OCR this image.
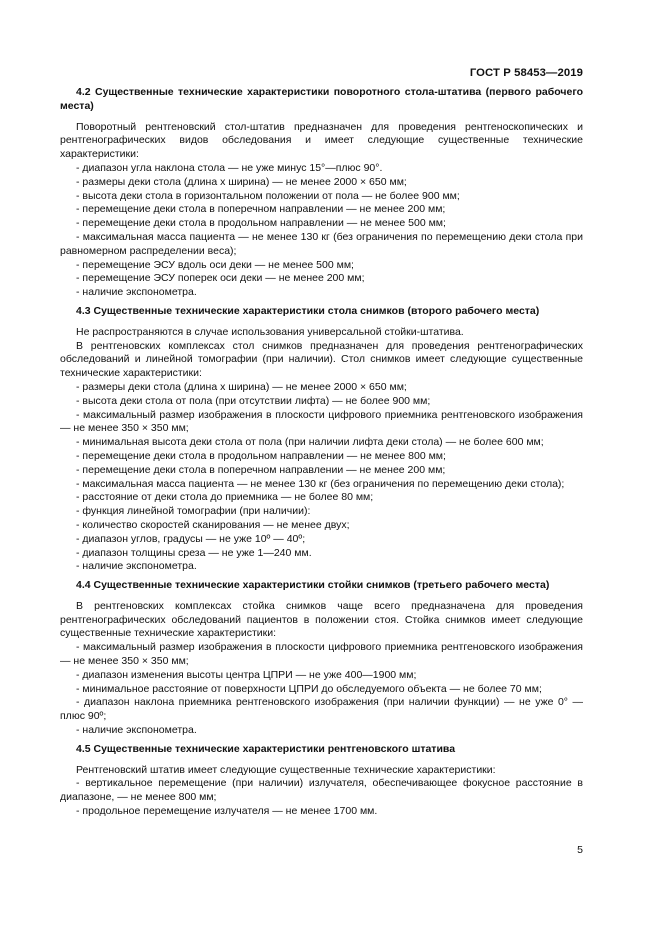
ГОСТ Р 58453—2019

4.2 Существенные технические характеристики поворотного стола-штатива (первого рабочего места)

Поворотный рентгеновский стол-штатив предназначен для проведения рентгеноскопических и рентгенографических видов обследования и имеет следующие существенные технические характеристики:

- диапазон угла наклона стола — не уже минус 15°—плюс 90°.

- размеры деки стола (длина х ширина) — не менее 2000 × 650 мм;

- высота деки стола в горизонтальном положении от пола — не более 900 мм;

- перемещение деки стола в поперечном направлении — не менее 200 мм;

- перемещение деки стола в продольном направлении — не менее 500 мм;

- максимальная масса пациента — не менее 130 кг (без ограничения по перемещению деки стола при равномерном распределении веса);

- перемещение ЭСУ вдоль оси деки — не менее 500 мм;

- перемещение ЭСУ поперек оси деки — не менее 200 мм;

- наличие экспонометра.

4.3 Существенные технические характеристики стола снимков (второго рабочего места)

Не распространяются в случае использования универсальной стойки-штатива.

В рентгеновских комплексах стол снимков предназначен для проведения рентгенографических обследований и линейной томографии (при наличии). Стол снимков имеет следующие существенные технические характеристики:

- размеры деки стола (длина х ширина) — не менее 2000 × 650 мм;

- высота деки стола от пола (при отсутствии лифта) — не более 900 мм;

- максимальный размер изображения в плоскости цифрового приемника рентгеновского изображения — не менее 350 × 350 мм;

- минимальная высота деки стола от пола (при наличии лифта деки стола) — не более 600 мм;

- перемещение деки стола в продольном направлении — не менее 800 мм;

- перемещение деки стола в поперечном направлении — не менее 200 мм;

- максимальная масса пациента — не менее 130 кг (без ограничения по перемещению деки стола);

- расстояние от деки стола до приемника — не более 80 мм;

- функция линейной томографии (при наличии):

- количество скоростей сканирования — не менее двух;

- диапазон углов, градусы — не уже 10º — 40º;

- диапазон толщины среза — не уже 1—240 мм.

- наличие экспонометра.

4.4 Существенные технические характеристики стойки снимков (третьего рабочего места)

В рентгеновских комплексах стойка снимков чаще всего предназначена для проведения рентгенографических обследований пациентов в положении стоя. Стойка снимков имеет следующие существенные технические характеристики:

- максимальный размер изображения в плоскости цифрового приемника рентгеновского изображения — не менее 350 × 350 мм;

- диапазон изменения высоты центра ЦПРИ — не уже 400—1900 мм;

- минимальное расстояние от поверхности ЦПРИ до обследуемого объекта — не более 70 мм;

- диапазон наклона приемника рентгеновского изображения (при наличии функции) — не уже 0° — плюс 90º;

- наличие экспонометра.

4.5 Существенные технические характеристики рентгеновского штатива

Рентгеновский штатив имеет следующие существенные технические характеристики:

- вертикальное перемещение (при наличии) излучателя, обеспечивающее фокусное расстояние в диапазоне, — не менее 800 мм;

- продольное перемещение излучателя — не менее 1700 мм.

5
